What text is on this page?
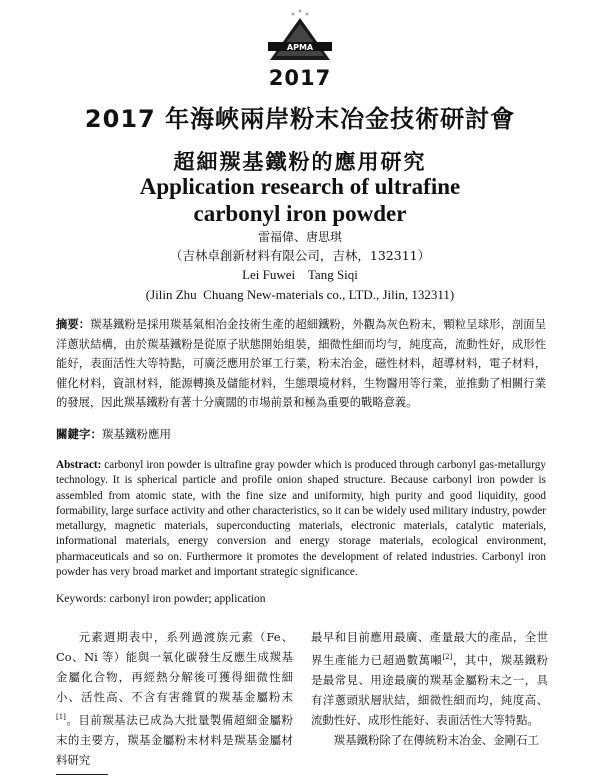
APMA
2017
2017 年海峽兩岸粉末冶金技術研討會
超細羰基鐵粉的應用研究
Application research of ultrafine
carbonyl iron powder
雷福偉、唐思琪
（吉林卓創新材料有限公司，吉林，132311）
Lei Fuwei    Tang Siqi
(Jilin Zhu  Chuang New-materials co., LTD., Jilin, 132311)

摘要：羰基鐵粉是採用羰基氣相冶金技術生產的超細鐵粉，外觀為灰色粉末，顆粒呈球形，剖面呈洋蔥狀結構，由於羰基鐵粉是從原子狀態開始組裝，細微性細而均勻，純度高，流動性好，成形性能好，表面活性大等特點，可廣泛應用於軍工行業，粉末冶金，磁性材料，超導材料，電子材料，催化材料，資訊材料，能源轉換及儲能材料，生態環境材料，生物醫用等行業，並推動了相關行業的發展，因此羰基鐵粉有著十分廣闊的市場前景和極為重要的戰略意義。

關鍵字：羰基鐵粉應用

Abstract: carbonyl iron powder is ultrafine gray powder which is produced through carbonyl gas-metallurgy technology. It is spherical particle and profile onion shaped structure. Because carbonyl iron powder is assembled from atomic state, with the fine size and uniformity, high purity and good liquidity, good formability, large surface activity and other characteristics, so it can be widely used military industry, powder metallurgy, magnetic materials, superconducting materials, electronic materials, catalytic materials, informational materials, energy conversion and energy storage materials, ecological environment, pharmaceuticals and so on. Furthermore it promotes the development of related industries. Carbonyl iron powder has very broad market and important strategic significance.

Keywords: carbonyl iron powder; application

元素週期表中，系列過渡族元素（Fe、Co、Ni 等）能與一氧化碳發生反應生成羰基金屬化合物，再經熱分解後可獲得細微性細小、活性高、不含有害雜質的羰基金屬粉末[1]。目前羰基法已成為大批量製備超細金屬粉末的主要方，羰基金屬粉末材料是羰基金屬材料研究

最早和目前應用最廣、產量最大的產品，全世界生產能力已超過數萬噸[2]，其中，羰基鐵粉是最常見、用途最廣的羰基金屬粉末之一，具有洋蔥頭狀層狀結，細微性細而均，純度高、流動性好、成形性能好、表面活性大等特點。
羰基鐵粉除了在傳統粉末冶金、金剛石工
